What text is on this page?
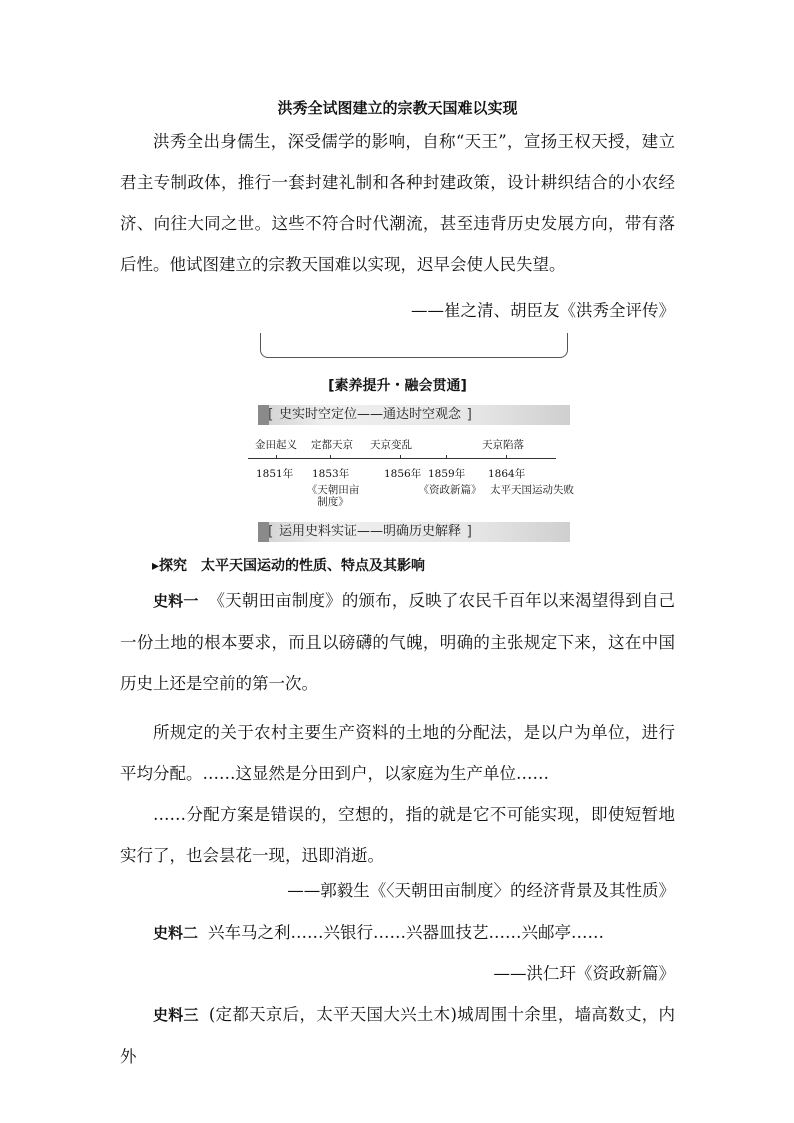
洪秀全试图建立的宗教天国难以实现
洪秀全出身儒生，深受儒学的影响，自称“天王”，宣扬王权天授，建立君主专制政体，推行一套封建礼制和各种封建政策，设计耕织结合的小农经济、向往大同之世。这些不符合时代潮流，甚至违背历史发展方向，带有落后性。他试图建立的宗教天国难以实现，迟早会使人民失望。
——崔之清、胡臣友《洪秀全评传》
[素养提升・融会贯通]
[ 史实时空定位——通达时空观念 ]
金田起义 定都天京 天京变乱	天京陷落
1851年 1853年	1856年 1859年 1864年
《天朝田亩制度》
《资政新篇》 太平天国运动失败
[ 运用史料实证——明确历史解释 ]
▸探究　太平天国运动的性质、特点及其影响
史料一 《天朝田亩制度》的颁布，反映了农民千百年以来渴望得到自己一份土地的根本要求，而且以磅礴的气魄，明确的主张规定下来，这在中国历史上还是空前的第一次。
所规定的关于农村主要生产资料的土地的分配法，是以户为单位，进行平均分配。……这显然是分田到户，以家庭为生产单位……
……分配方案是错误的，空想的，指的就是它不可能实现，即使短暂地实行了，也会昙花一现，迅即消逝。
——郭毅生《〈天朝田亩制度〉的经济背景及其性质》
史料二 兴车马之利……兴银行……兴器皿技艺……兴邮亭……
——洪仁玕《资政新篇》
史料三 (定都天京后，太平天国大兴土木)城周围十余里，墙高数丈，内外
